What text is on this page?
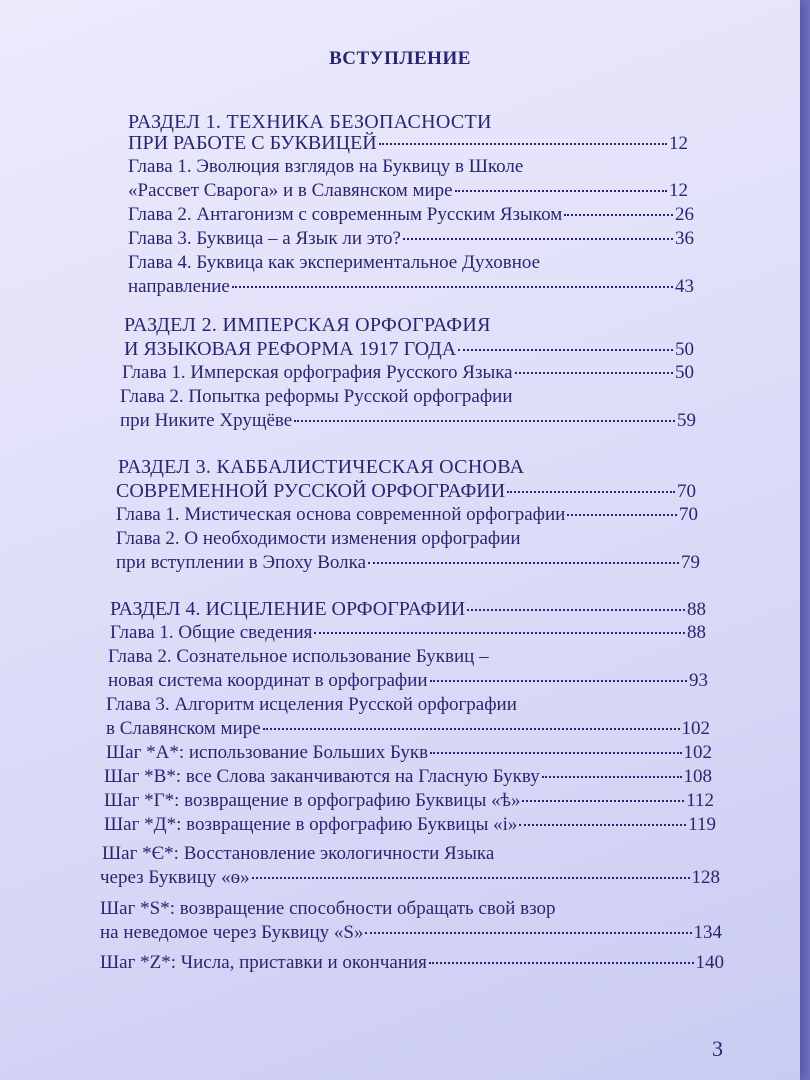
ВСТУПЛЕНИЕ
РАЗДЕЛ 1. ТЕХНИКА БЕЗОПАСНОСТИ
ПРИ РАБОТЕ С БУКВИЦЕЙ	12
Глава 1. Эволюция взглядов на Буквицу в Школе
«Рассвет Сварога» и в Славянском мире	12
Глава 2. Антагонизм с современным Русским Языком	26
Глава 3. Буквица – а Язык ли это?	36
Глава 4. Буквица как экспериментальное Духовное
направление	43
РАЗДЕЛ 2. ИМПЕРСКАЯ ОРФОГРАФИЯ
И ЯЗЫКОВАЯ РЕФОРМА 1917 ГОДА	50
Глава 1. Имперская орфография Русского Языка	50
Глава 2. Попытка реформы Русской орфографии
при Никите Хрущёве	59
РАЗДЕЛ 3. КАББАЛИСТИЧЕСКАЯ ОСНОВА
СОВРЕМЕННОЙ РУССКОЙ ОРФОГРАФИИ	70
Глава 1. Мистическая основа современной орфографии	70
Глава 2. О необходимости изменения орфографии
при вступлении в Эпоху Волка	79
РАЗДЕЛ 4. ИСЦЕЛЕНИЕ ОРФОГРАФИИ	88
Глава 1. Общие сведения	88
Глава 2. Сознательное использование Буквиц –
новая система координат в орфографии	93
Глава 3. Алгоритм исцеления Русской орфографии
в Славянском мире	102
Шаг *А*: использование Больших Букв	102
Шаг *В*: все Слова заканчиваются на Гласную Букву	108
Шаг *Г*: возвращение в орфографию Буквицы «ѣ»	112
Шаг *Д*: возвращение в орфографию Буквицы «і»	119
Шаг *Є*: Восстановление экологичности Языка
через Буквицу «ѳ»	128
Шаг *S*: возвращение способности обращать свой взор
на неведомое через Буквицу «S»	134
Шаг *Z*: Числа, приставки и окончания	140
3
